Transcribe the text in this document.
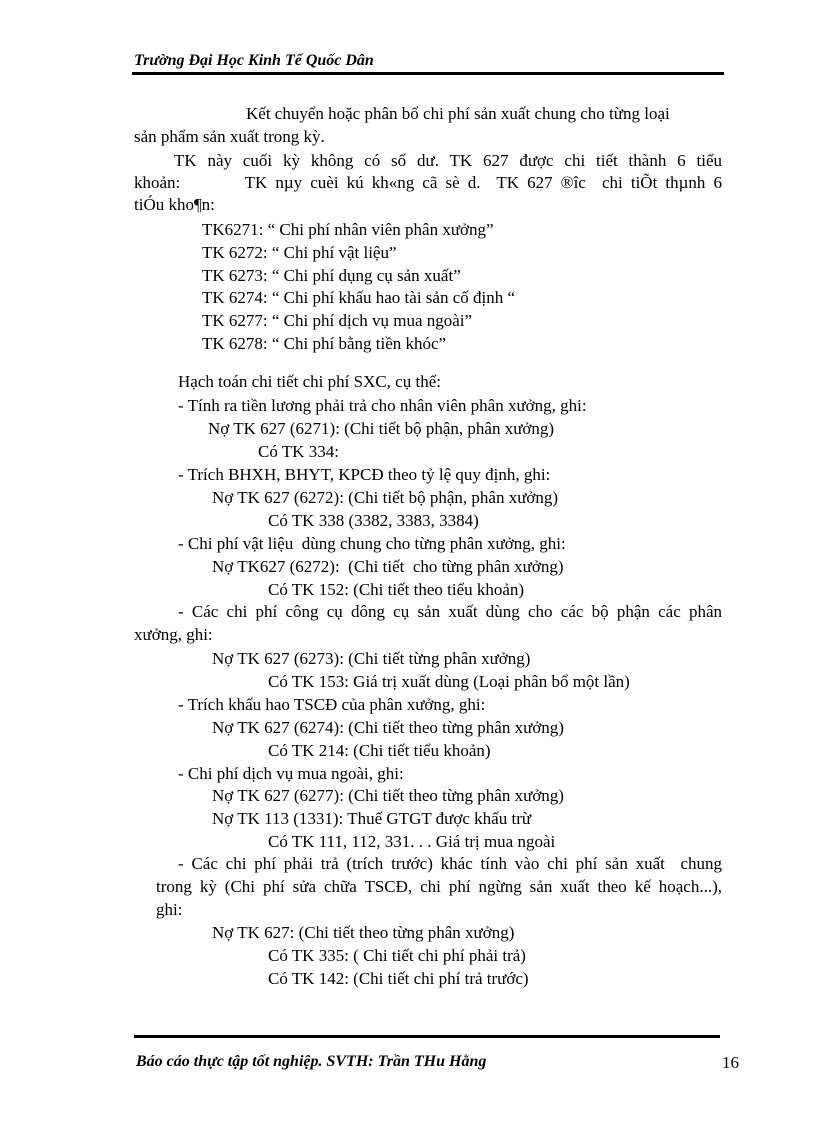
Trường Đại Học Kinh Tế Quốc Dân
Kết chuyển hoặc phân bổ chi phí sản xuất chung cho từng loại
sản phẩm sản xuất trong kỳ.
TK này cuối kỳ không có số dư. TK 627 được chi tiết thành 6 tiểu
khoản:        TK nµy cuèi kú kh«ng cã sè d.  TK 627 ®îc  chi tiÕt thµnh 6
tiÓu kho¶n:
TK6271: “ Chi phí nhân viên phân xưởng”
TK 6272: “ Chi phí vật liệu”
TK 6273: “ Chi phí dụng cụ sản xuất”
TK 6274: “ Chi phí khấu hao tài sản cố định “
TK 6277: “ Chi phí dịch vụ mua ngoài”
TK 6278: “ Chi phí bằng tiền khóc”
Hạch toán chi tiết chi phí SXC, cụ thể:
- Tính ra tiền lương phải trả cho nhân viên phân xưởng, ghi:
Nợ TK 627 (6271): (Chi tiết bộ phận, phân xưởng)
Có TK 334:
- Trích BHXH, BHYT, KPCĐ theo tỷ lệ quy định, ghi:
Nợ TK 627 (6272): (Chi tiết bộ phận, phân xưởng)
Có TK 338 (3382, 3383, 3384)
- Chi phí vật liệu  dùng chung cho từng phân xưởng, ghi:
Nợ TK627 (6272):  (Chi tiết  cho từng phân xưởng)
Có TK 152: (Chi tiết theo tiểu khoản)
- Các chi phí công cụ dông cụ sản xuất dùng cho các bộ phận các phân
xưởng, ghi:
Nợ TK 627 (6273): (Chi tiết từng phân xưởng)
Có TK 153: Giá trị xuất dùng (Loại phân bổ một lần)
- Trích khấu hao TSCĐ của phân xưởng, ghi:
Nợ TK 627 (6274): (Chi tiết theo từng phân xưởng)
Có TK 214: (Chi tiết tiểu khoản)
- Chi phí dịch vụ mua ngoài, ghi:
Nợ TK 627 (6277): (Chi tiết theo từng phân xưởng)
Nợ TK 113 (1331): Thuế GTGT được khấu trừ
Có TK 111, 112, 331. . . Giá trị mua ngoài
- Các chi phí phải trả (trích trước) khác tính vào chi phí sản xuất  chung
trong kỳ (Chi phí sửa chữa TSCĐ, chi phí ngừng sản xuất theo kế hoạch...),
ghi:
Nợ TK 627: (Chi tiết theo từng phân xưởng)
Có TK 335: ( Chi tiết chi phí phải trả)
Có TK 142: (Chi tiết chi phí trả trước)
Báo cáo thực tập tốt nghiệp. SVTH: Trần THu Hằng	16
